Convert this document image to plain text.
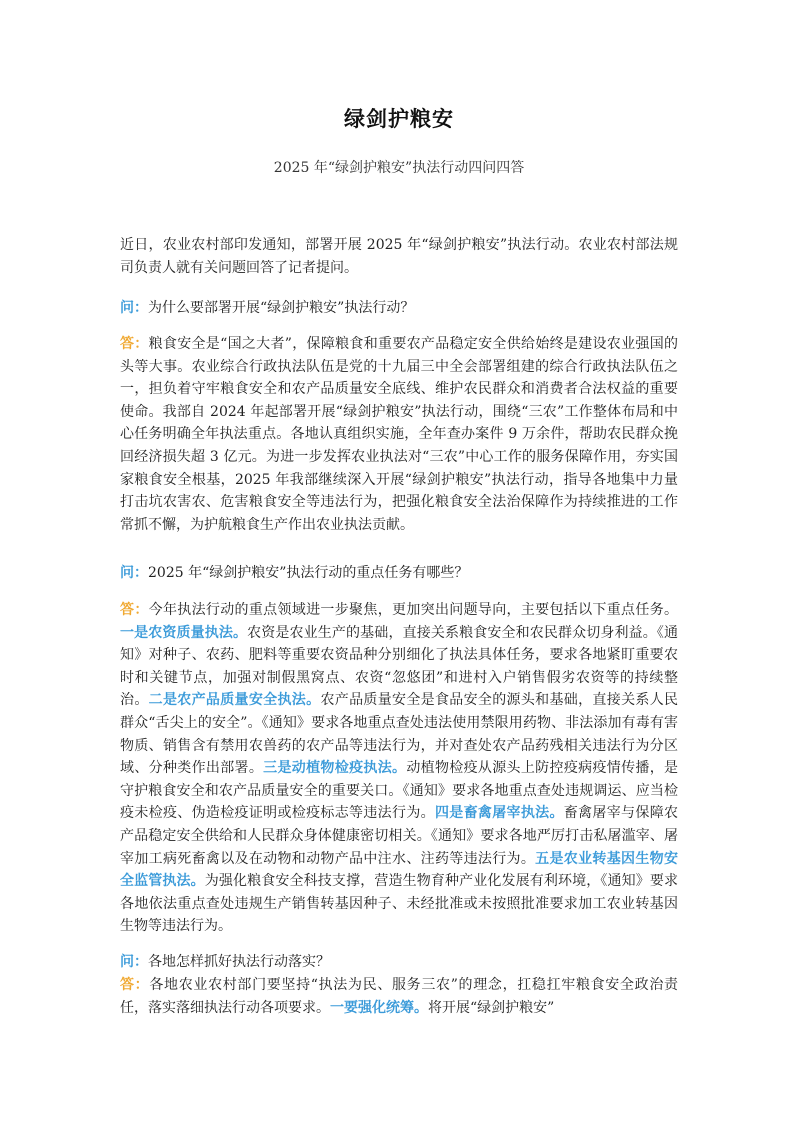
绿剑护粮安
2025 年“绿剑护粮安”执法行动四问四答

近日，农业农村部印发通知，部署开展 2025 年“绿剑护粮安”执法行动。农业农村部法规司负责人就有关问题回答了记者提问。

问：为什么要部署开展“绿剑护粮安”执法行动？

答：粮食安全是“国之大者”，保障粮食和重要农产品稳定安全供给始终是建设农业强国的头等大事。农业综合行政执法队伍是党的十九届三中全会部署组建的综合行政执法队伍之一，担负着守牢粮食安全和农产品质量安全底线、维护农民群众和消费者合法权益的重要使命。我部自 2024 年起部署开展“绿剑护粮安”执法行动，围绕“三农”工作整体布局和中心任务明确全年执法重点。各地认真组织实施，全年查办案件 9 万余件，帮助农民群众挽回经济损失超 3 亿元。为进一步发挥农业执法对“三农”中心工作的服务保障作用，夯实国家粮食安全根基，2025 年我部继续深入开展“绿剑护粮安”执法行动，指导各地集中力量打击坑农害农、危害粮食安全等违法行为，把强化粮食安全法治保障作为持续推进的工作常抓不懈，为护航粮食生产作出农业执法贡献。

问：2025 年“绿剑护粮安”执法行动的重点任务有哪些？

答：今年执法行动的重点领域进一步聚焦，更加突出问题导向，主要包括以下重点任务。一是农资质量执法。农资是农业生产的基础，直接关系粮食安全和农民群众切身利益。《通知》对种子、农药、肥料等重要农资品种分别细化了执法具体任务，要求各地紧盯重要农时和关键节点，加强对制假黑窝点、农资“忽悠团”和进村入户销售假劣农资等的持续整治。二是农产品质量安全执法。农产品质量安全是食品安全的源头和基础，直接关系人民群众“舌尖上的安全”。《通知》要求各地重点查处违法使用禁限用药物、非法添加有毒有害物质、销售含有禁用农兽药的农产品等违法行为，并对查处农产品药残相关违法行为分区域、分种类作出部署。三是动植物检疫执法。动植物检疫从源头上防控疫病疫情传播，是守护粮食安全和农产品质量安全的重要关口。《通知》要求各地重点查处违规调运、应当检疫未检疫、伪造检疫证明或检疫标志等违法行为。四是畜禽屠宰执法。畜禽屠宰与保障农产品稳定安全供给和人民群众身体健康密切相关。《通知》要求各地严厉打击私屠滥宰、屠宰加工病死畜禽以及在动物和动物产品中注水、注药等违法行为。五是农业转基因生物安全监管执法。为强化粮食安全科技支撑，营造生物育种产业化发展有利环境，《通知》要求各地依法重点查处违规生产销售转基因种子、未经批准或未按照批准要求加工农业转基因生物等违法行为。

问：各地怎样抓好执法行动落实？

答：各地农业农村部门要坚持“执法为民、服务三农”的理念，扛稳扛牢粮食安全政治责任，落实落细执法行动各项要求。一要强化统筹。将开展“绿剑护粮安”
